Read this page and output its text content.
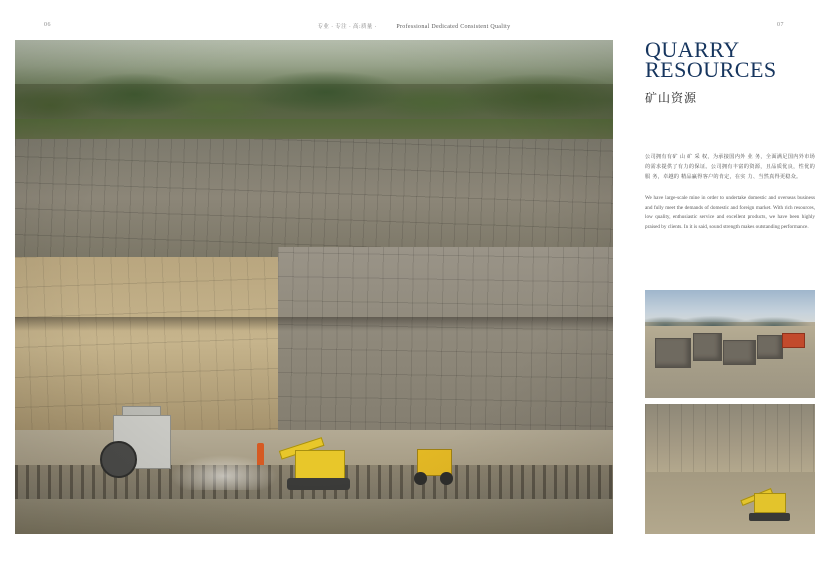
06	专业 · 专注 · 高:质量 ·	Professional Dedicated Consistent Quality	07
QUARRY
RESOURCES
矿山资源

公司拥有有矿 山 矿 采 权，为承接国内外 业 务，全面满足国内外市场的需求提供了有力的保证。公司拥有丰富的资源，且品质优良，性优的服 务，卓越的 精品赢得客户的肯定，在实 力、当然真得更稳众。

We have large-scale mine in order to undertake domestic and overseas business and fully meet the demands of domestic and foreign market. With rich resources, low quality, enthusiastic service and excellent products, we have been highly praised by clients. In it is said, sound strength makes outstanding performance.
